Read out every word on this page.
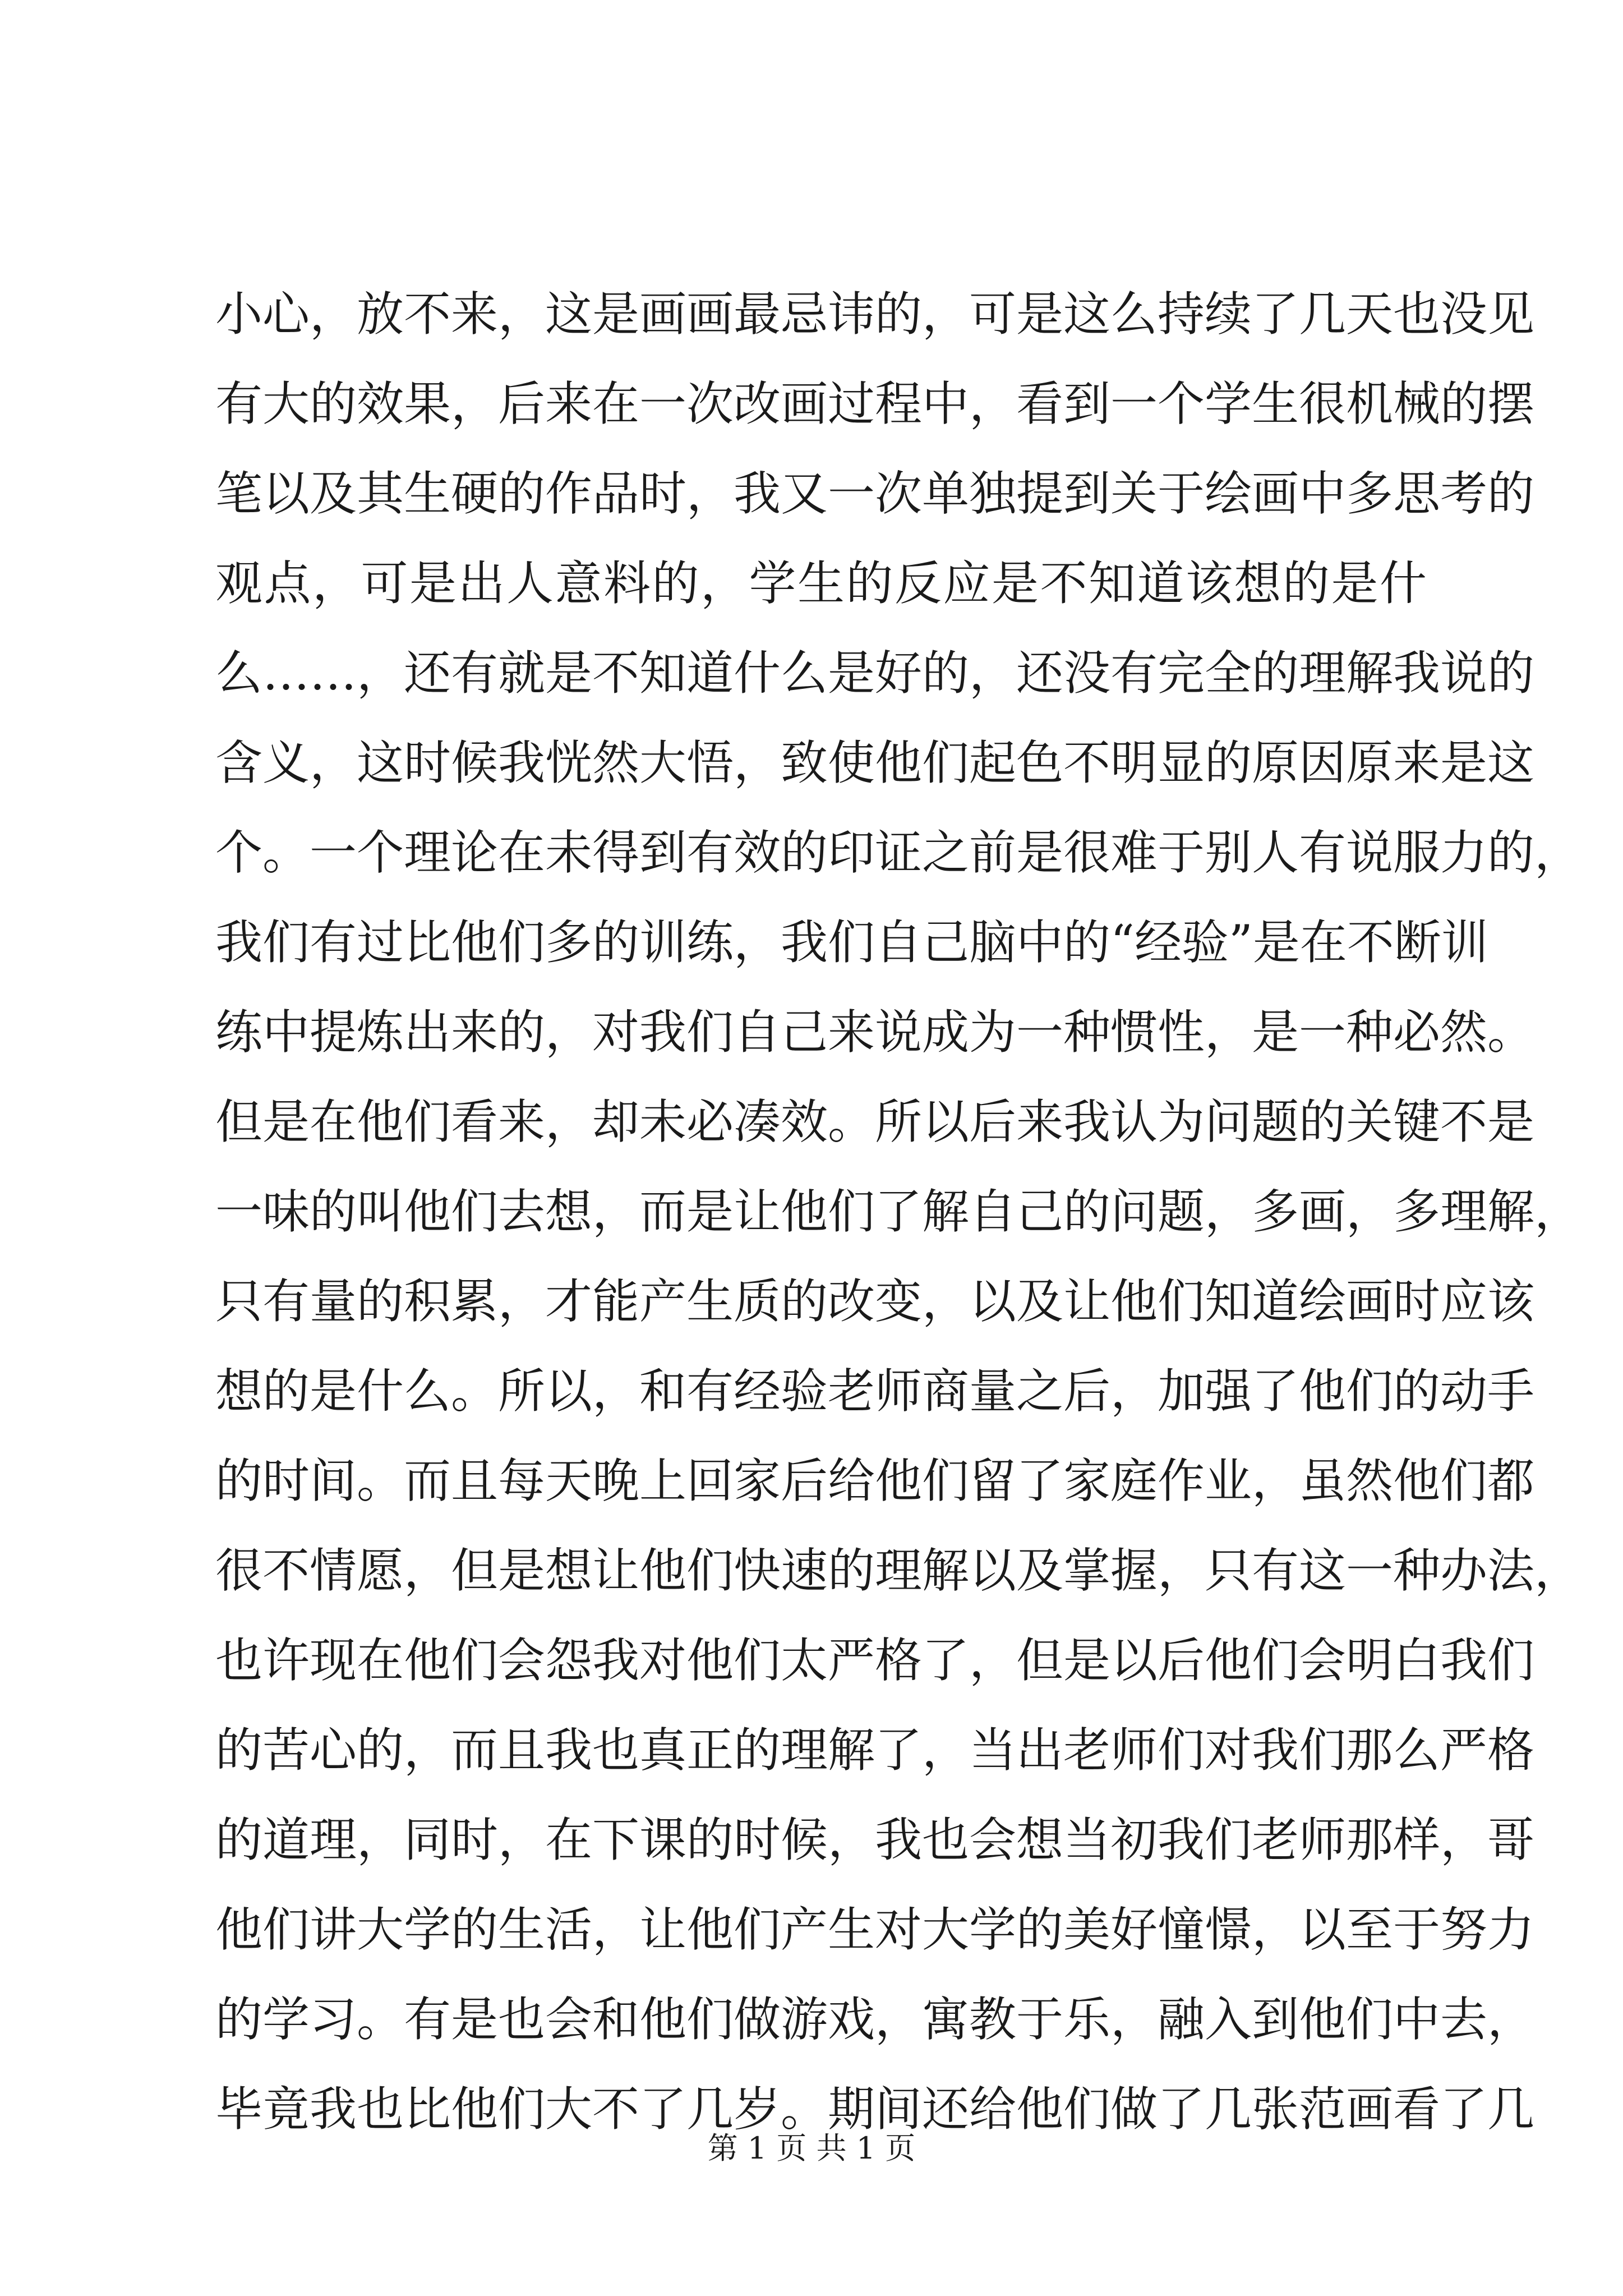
小心，放不来，这是画画最忌讳的，可是这么持续了几天也没见
有大的效果，后来在一次改画过程中，看到一个学生很机械的摆
笔以及其生硬的作品时，我又一次单独提到关于绘画中多思考的
观点，可是出人意料的，学生的反应是不知道该想的是什
么……，还有就是不知道什么是好的，还没有完全的理解我说的
含义，这时候我恍然大悟，致使他们起色不明显的原因原来是这
个。一个理论在未得到有效的印证之前是很难于别人有说服力的，
我们有过比他们多的训练，我们自己脑中的“经验”是在不断训
练中提炼出来的，对我们自己来说成为一种惯性，是一种必然。
但是在他们看来，却未必凑效。所以后来我认为问题的关键不是
一味的叫他们去想，而是让他们了解自己的问题，多画，多理解，
只有量的积累，才能产生质的改变，以及让他们知道绘画时应该
想的是什么。所以，和有经验老师商量之后，加强了他们的动手
的时间。而且每天晚上回家后给他们留了家庭作业，虽然他们都
很不情愿，但是想让他们快速的理解以及掌握，只有这一种办法，
也许现在他们会怨我对他们太严格了，但是以后他们会明白我们
的苦心的，而且我也真正的理解了，当出老师们对我们那么严格
的道理，同时，在下课的时候，我也会想当初我们老师那样，哥
他们讲大学的生活，让他们产生对大学的美好憧憬，以至于努力
的学习。有是也会和他们做游戏，寓教于乐，融入到他们中去，
毕竟我也比他们大不了几岁。期间还给他们做了几张范画看了几
第 1 页 共 1 页
